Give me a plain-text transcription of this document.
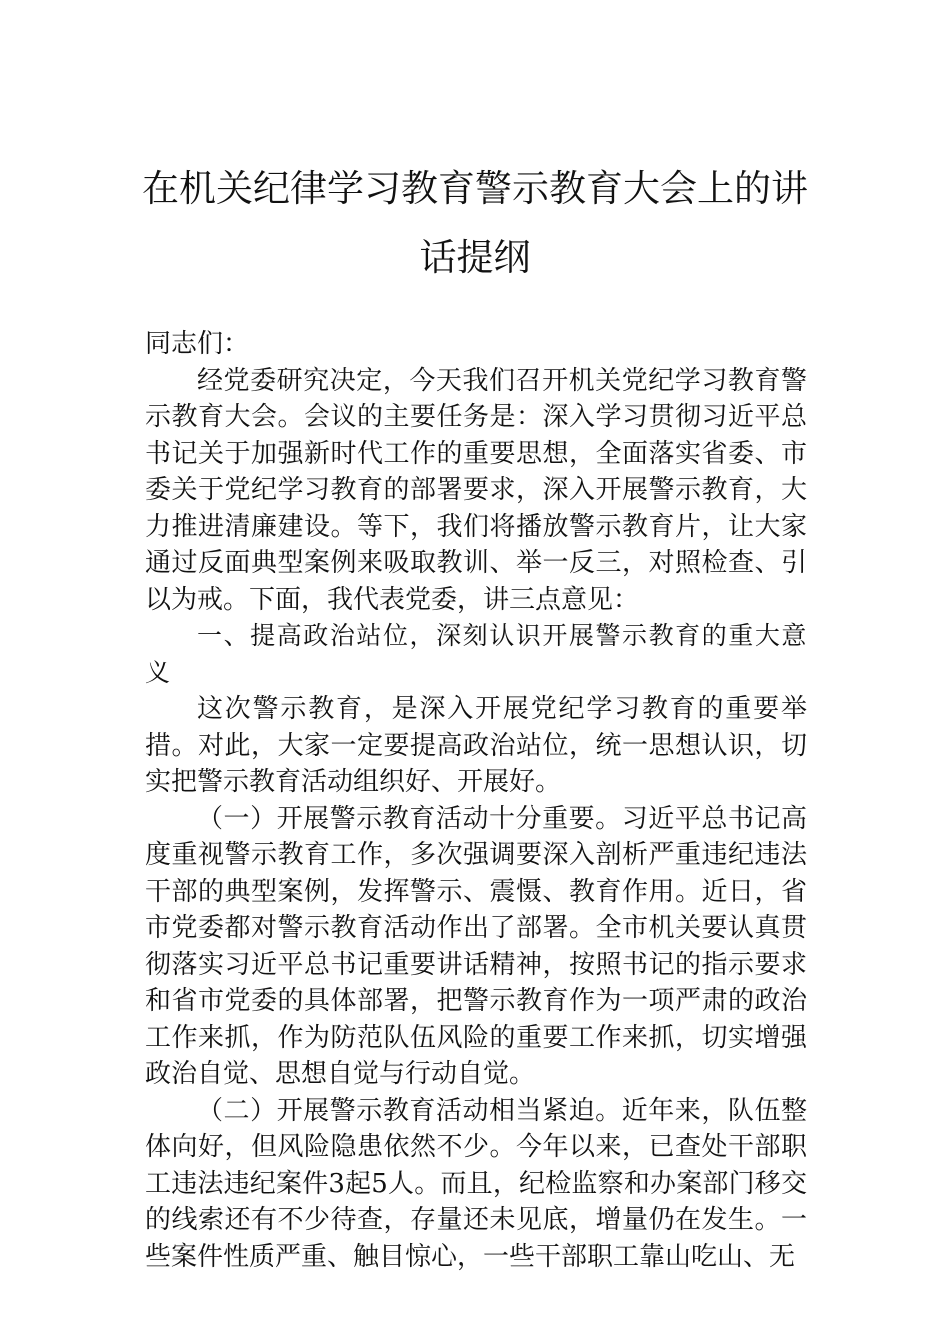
在机关纪律学习教育警示教育大会上的讲
话提纲

同志们：

经党委研究决定，今天我们召开机关党纪学习教育警示教育大会。会议的主要任务是：深入学习贯彻习近平总书记关于加强新时代工作的重要思想，全面落实省委、市委关于党纪学习教育的部署要求，深入开展警示教育，大力推进清廉建设。等下，我们将播放警示教育片，让大家通过反面典型案例来吸取教训、举一反三，对照检查、引以为戒。下面，我代表党委，讲三点意见：

一、提高政治站位，深刻认识开展警示教育的重大意义

这次警示教育，是深入开展党纪学习教育的重要举措。对此，大家一定要提高政治站位，统一思想认识，切实把警示教育活动组织好、开展好。

（一）开展警示教育活动十分重要。习近平总书记高度重视警示教育工作，多次强调要深入剖析严重违纪违法干部的典型案例，发挥警示、震慑、教育作用。近日，省市党委都对警示教育活动作出了部署。全市机关要认真贯彻落实习近平总书记重要讲话精神，按照书记的指示要求和省市党委的具体部署，把警示教育作为一项严肃的政治工作来抓，作为防范队伍风险的重要工作来抓，切实增强政治自觉、思想自觉与行动自觉。

（二）开展警示教育活动相当紧迫。近年来，队伍整体向好，但风险隐患依然不少。今年以来，已查处干部职工违法违纪案件3起5人。而且，纪检监察和办案部门移交的线索还有不少待查，存量还未见底，增量仍在发生。一些案件性质严重、触目惊心，一些干部职工靠山吃山、无
